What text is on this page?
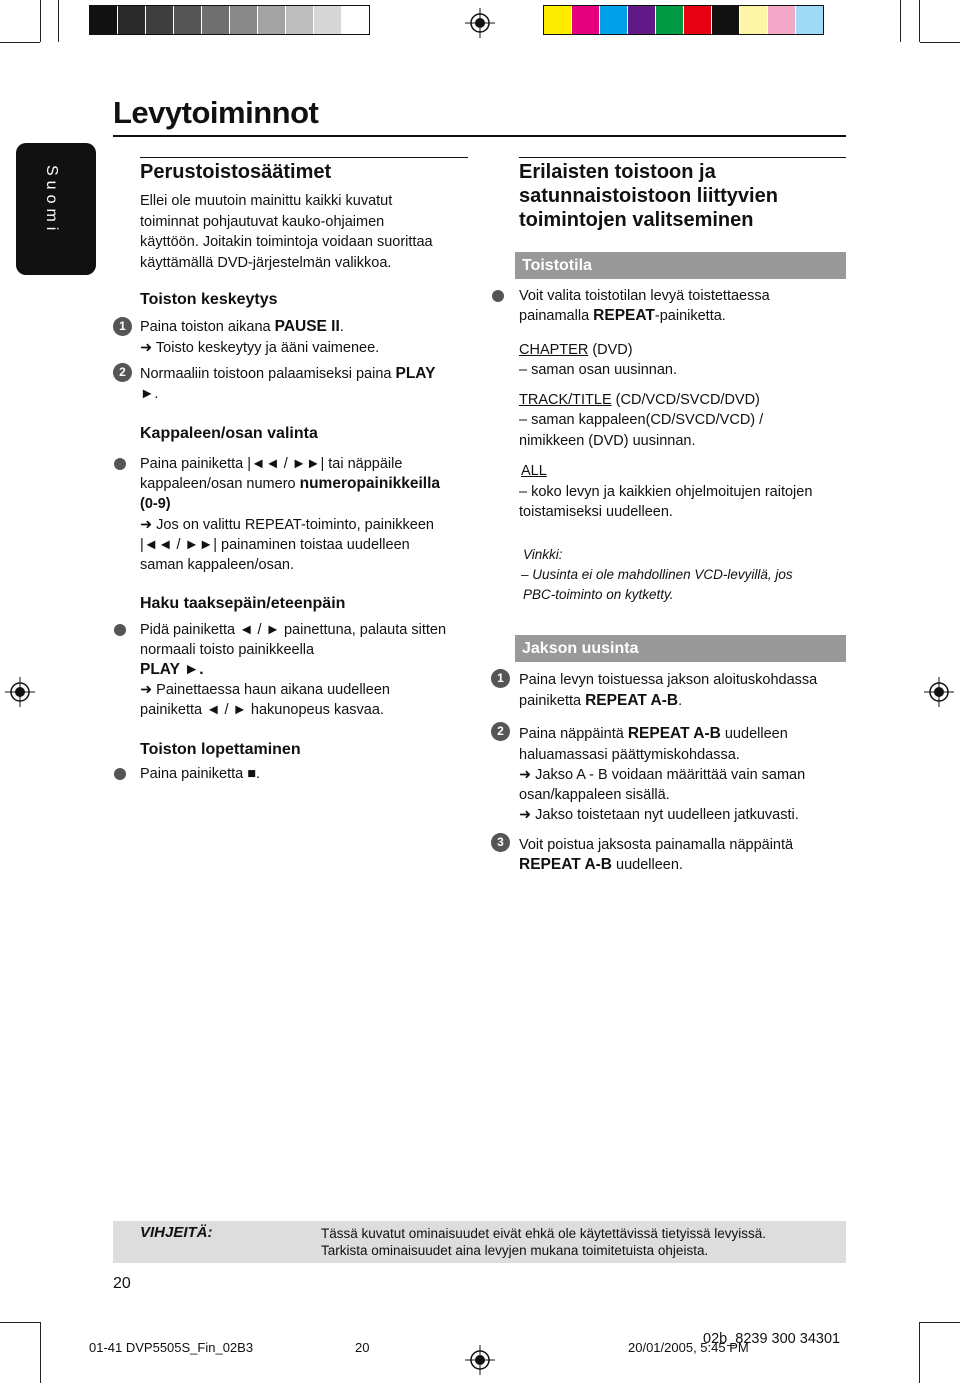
Levytoiminnot
Suomi	Perustoistosäätimet
Ellei ole muutoin mainittu kaikki kuvatut
toiminnat pohjautuvat kauko-ohjaimen
käyttöön. Joitakin toimintoja voidaan suorittaa
käyttämällä DVD-järjestelmän valikkoa.
Toiston keskeytys
1 Paina toiston aikana PAUSE II.
➜ Toisto keskeytyy ja ääni vaimenee.
2 Normaaliin toistoon palaamiseksi paina PLAY
►.
Kappaleen/osan valinta
Paina painiketta |◄◄ / ►►| tai näppäile
kappaleen/osan numero numeropainikkeilla
(0-9)
➜ Jos on valittu REPEAT-toiminto, painikkeen
|◄◄ / ►►| painaminen toistaa uudelleen
saman kappaleen/osan.
Haku taaksepäin/eteenpäin
Pidä painiketta ◄ / ► painettuna, palauta sitten
normaali toisto painikkeella
PLAY ►.
➜ Painettaessa haun aikana uudelleen
painiketta ◄ / ► hakunopeus kasvaa.
Toiston lopettaminen
Paina painiketta ■.
Erilaisten toistoon ja
satunnaistoistoon liittyvien
toimintojen valitseminen
Toistotila
Voit valita toistotilan levyä toistettaessa
painamalla REPEAT-painiketta.
CHAPTER (DVD)
– saman osan uusinnan.
TRACK/TITLE (CD/VCD/SVCD/DVD)
– saman kappaleen(CD/SVCD/VCD) /
nimikkeen (DVD) uusinnan.
ALL
– koko levyn ja kaikkien ohjelmoitujen raitojen
toistamiseksi uudelleen.
Vinkki:
– Uusinta ei ole mahdollinen VCD-levyillä, jos
PBC-toiminto on kytketty.
Jakson uusinta
1	Paina levyn toistuessa jakson aloituskohdassa
painiketta REPEAT A-B.
2	Paina näppäintä REPEAT A-B uudelleen
haluamassasi päättymiskohdassa.
➜ Jakso A - B voidaan määrittää vain saman
osan/kappaleen sisällä.
➜ Jakso toistetaan nyt uudelleen jatkuvasti.
3	Voit poistua jaksosta painamalla näppäintä
REPEAT A-B uudelleen.
VIHJEITÄ:	Tässä kuvatut ominaisuudet eivät ehkä ole käytettävissä tietyissä levyissä.
Tarkista ominaisuudet aina levyjen mukana toimitetuista ohjeista.
20
02b_8239 300 34301
01-41 DVP5505S_Fin_02B3	20	20/01/2005, 5:45 PM
